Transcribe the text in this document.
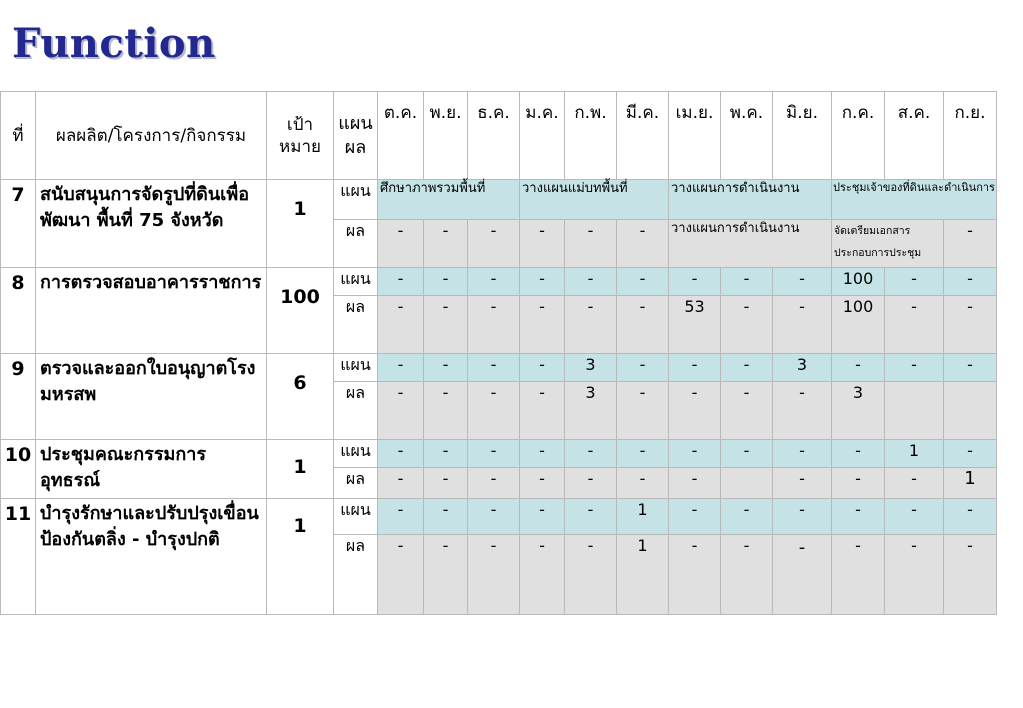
Function
ที่	ผลผลิต/โครงการ/กิจกรรม	เป้าหมาย	แผนผล	ต.ค.	พ.ย.	ธ.ค.	ม.ค.	ก.พ.	มี.ค.	เม.ย.	พ.ค.	มิ.ย.	ก.ค.	ส.ค.	ก.ย.
7	สนับสนุนการจัดรูปที่ดินเพื่อพัฒนา พื้นที่ 75 จังหวัด	1	แผน	ศึกษาภาพรวมพื้นที่			วางแผนแม่บทพื้นที่			วางแผนการดำเนินงาน			ประชุมเจ้าของที่ดินและดำเนินการ		
			ผล	-	-	-	-	-	-	วางแผนการดำเนินงาน			จัดเตรียมเอกสารประกอบการประชุม		-
8	การตรวจสอบอาคารราชการ	100	แผน	-	-	-	-	-	-	-	-	-	100	-	-
			ผล	-	-	-	-	-	-	53	-	-	100	-	-
9	ตรวจและออกใบอนุญาตโรง มหรสพ	6	แผน	-	-	-	-	3	-	-	-	3	-	-	-
			ผล	-	-	-	-	3	-	-	-	-	3		
10	ประชุมคณะกรรมการอุทธรณ์	1	แผน	-	-	-	-	-	-	-	-	-	-	1	-
			ผล	-	-	-	-	-	-	-		-	-	-	1
11	บำรุงรักษาและปรับปรุงเขื่อน ป้องกันตลิ่ง - บำรุงปกติ	1	แผน	-	-	-	-	-	1	-	-	-	-	-	-
			ผล	-	-	-	-	-	1	-	-	-	-	-	-
